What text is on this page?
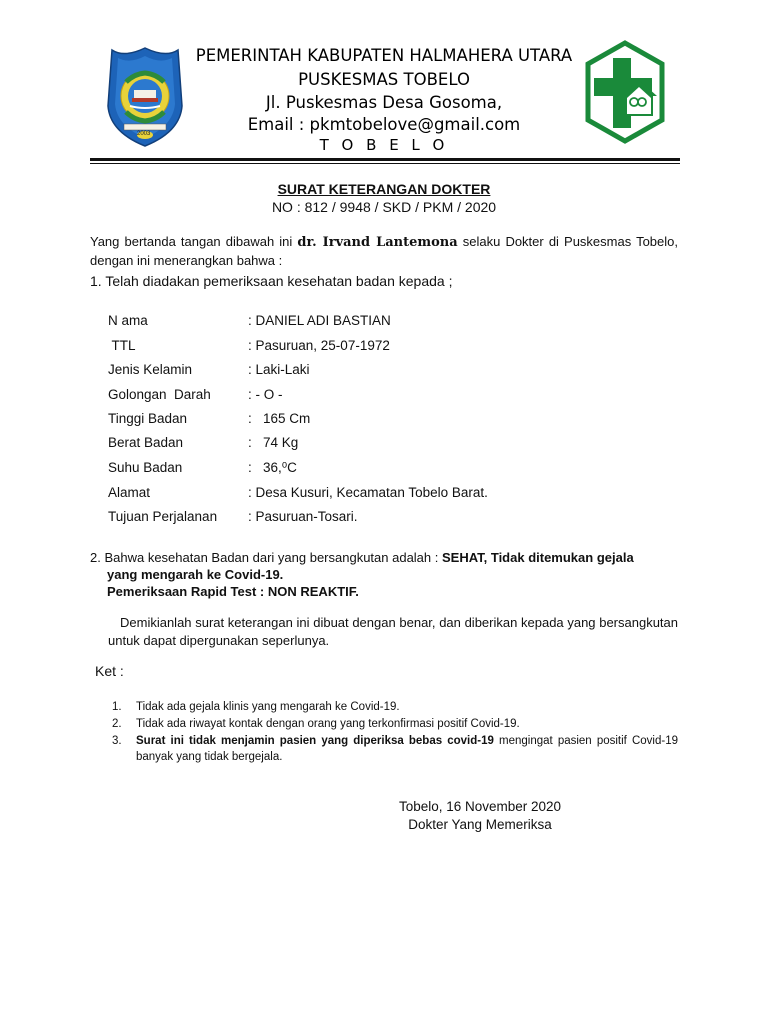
2003
PEMERINTAH KABUPATEN HALMAHERA UTARA
PUSKESMAS TOBELO
Jl. Puskesmas Desa Gosoma,
Email : pkmtobelove@gmail.com
T O B E L O
SURAT KETERANGAN DOKTER
NO : 812 / 9948 / SKD / PKM / 2020
Yang bertanda tangan dibawah ini dr. Irvand Lantemona selaku Dokter di Puskesmas Tobelo, dengan ini menerangkan bahwa :
1. Telah diadakan pemeriksaan kesehatan badan kepada ;
N ama	: DANIEL ADI BASTIAN
TTL	: Pasuruan, 25-07-1972
Jenis Kelamin	: Laki-Laki
Golongan  Darah	: - O -
Tinggi Badan	:   165 Cm
Berat Badan	:   74 Kg
Suhu Badan	:   36,⁰C
Alamat	: Desa Kusuri, Kecamatan Tobelo Barat.
Tujuan Perjalanan : Pasuruan-Tosari.
2. Bahwa kesehatan Badan dari yang bersangkutan adalah : SEHAT, Tidak ditemukan gejala
yang mengarah ke Covid-19.
Pemeriksaan Rapid Test : NON REAKTIF.
Demikianlah surat keterangan ini dibuat dengan benar, dan diberikan kepada yang bersangkutan untuk dapat dipergunakan seperlunya.
Ket :
1. Tidak ada gejala klinis yang mengarah ke Covid-19.
2. Tidak ada riwayat kontak dengan orang yang terkonfirmasi positif Covid-19.
3. Surat ini tidak menjamin pasien yang diperiksa bebas covid-19 mengingat pasien positif Covid-19 banyak yang tidak bergejala.
Tobelo, 16 November 2020
Dokter Yang Memeriksa
